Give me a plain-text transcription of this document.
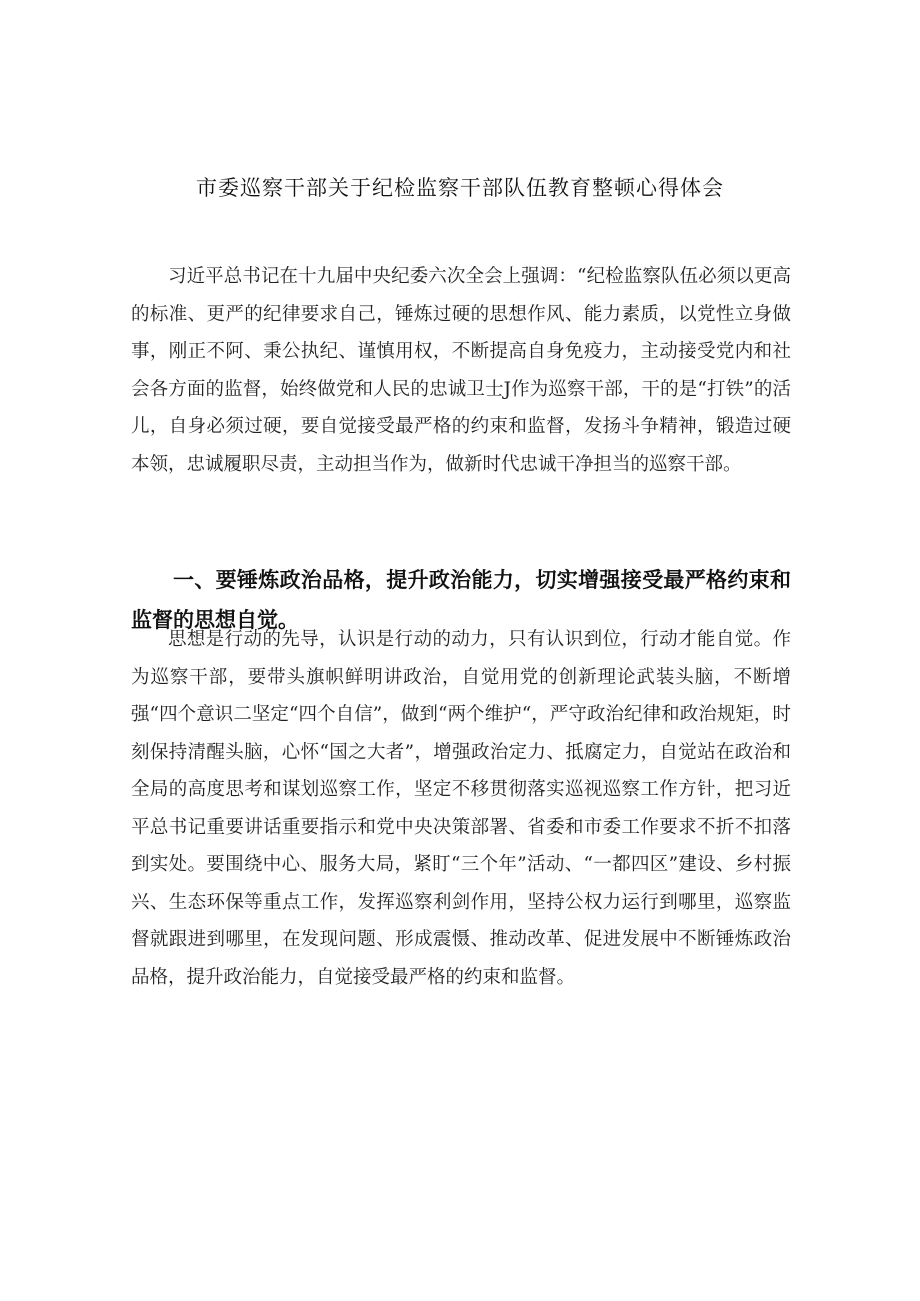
市委巡察干部关于纪检监察干部队伍教育整顿心得体会

习近平总书记在十九届中央纪委六次全会上强调：“纪检监察队伍必须以更高的标准、更严的纪律要求自己，锤炼过硬的思想作风、能力素质，以党性立身做事，刚正不阿、秉公执纪、谨慎用权，不断提高自身免疫力，主动接受党内和社会各方面的监督，始终做党和人民的忠诚卫士J作为巡察干部，干的是“打铁”的活儿，自身必须过硬，要自觉接受最严格的约束和监督，发扬斗争精神，锻造过硬本领，忠诚履职尽责，主动担当作为，做新时代忠诚干净担当的巡察干部。

一、要锤炼政治品格，提升政治能力，切实增强接受最严格约束和监督的思想自觉。

思想是行动的先导，认识是行动的动力，只有认识到位，行动才能自觉。作为巡察干部，要带头旗帜鲜明讲政治，自觉用党的创新理论武装头脑，不断增强“四个意识二坚定“四个自信”，做到“两个维护“，严守政治纪律和政治规矩，时刻保持清醒头脑，心怀“国之大者”，增强政治定力、抵腐定力，自觉站在政治和全局的高度思考和谋划巡察工作，坚定不移贯彻落实巡视巡察工作方针，把习近平总书记重要讲话重要指示和党中央决策部署、省委和市委工作要求不折不扣落到实处。要围绕中心、服务大局，紧盯“三个年”活动、“一都四区”建设、乡村振兴、生态环保等重点工作，发挥巡察利剑作用，坚持公权力运行到哪里，巡察监督就跟进到哪里，在发现问题、形成震慑、推动改革、促进发展中不断锤炼政治品格，提升政治能力，自觉接受最严格的约束和监督。
